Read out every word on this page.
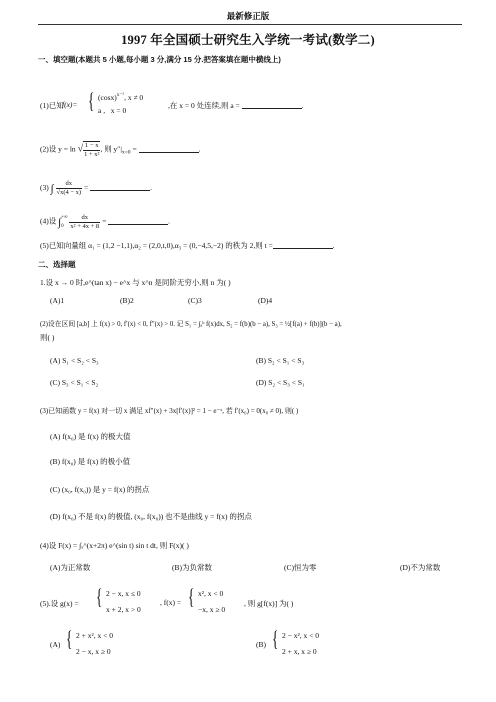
最新修正版
1997 年全国硕士研究生入学统一考试(数学二)
一、填空题(本题共 5 小题,每小题 3 分,满分 15 分.把答案填在题中横线上)
(1)已知
f(x)= { $(\cos x)^{x^{-2}}$, x ≠ 0
a , x = 0
,在 x = 0 处连续,则 a =	.
(2)设 y = ln √ $\frac{1 - x}{\text{1 + x²}}$ , 则 $y''|_{x=0}$ =	.
(3) ∫ $\frac{dx}{√x(4 - x)}$ =	.
(4)设 ∫ +∞
0
$\frac{dx}{\text{x² + 4x + 8}}$ =	.
(5)已知向量组 α₁ = (1,2 −1,1),α₂ = (2,0,t,0),α₃ = (0,−4,5,−2) 的秩为 2,则 t =	.
二、选择题
1.设 x → 0 时,e^(tan x) − e^x 与 x^n 是同阶无穷小,则 n 为( )
(A)1	(B)2	(C)3	(D)4
(2)设在区间 [a,b] 上 f(x) > 0, f′(x) < 0, f″(x) > 0. 记 S₁ = ∫ₐᵇ f(x)dx, S₂ = f(b)(b − a), S₃ = ½[f(a) + f(b)](b − a),
则( )
(A) S₁ < S₂ < S₃	(B) S₂ < S₁ < S₃
(C) S₃ < S₁ < S₂	(D) S₂ < S₃ < S₁
(3)已知函数 y = f(x) 对一切 x 满足 xf″(x) + 3x[f′(x)]² = 1 − e⁻ˣ, 若 f′(x₀) = 0(x₀ ≠ 0), 则( )
(A) f(x₀) 是 f(x) 的极大值
(B) f(x₀) 是 f(x) 的极小值
(C) (x₀, f(x₀)) 是 y = f(x) 的拐点
(D) f(x₀) 不是 f(x) 的极值, (x₀, f(x₀)) 也不是曲线 y = f(x) 的拐点
(4)设 F(x) = ∫ₓ^(x+2π) e^(sin t) sin t dt, 则 F(x)( )
(A)为正常数	(B)为负常数	(C)恒为零	(D)不为常数
(5).设 g(x) = { 2 − x, x ≤ 0
x + 2, x > 0
, f(x) = { x², x < 0
−x, x ≥ 0
, 则 g[f(x)] 为( )
(A) { 2 + x², x < 0
2 − x, x ≥ 0
(B) { 2 − x², x < 0
2 + x, x ≥ 0
